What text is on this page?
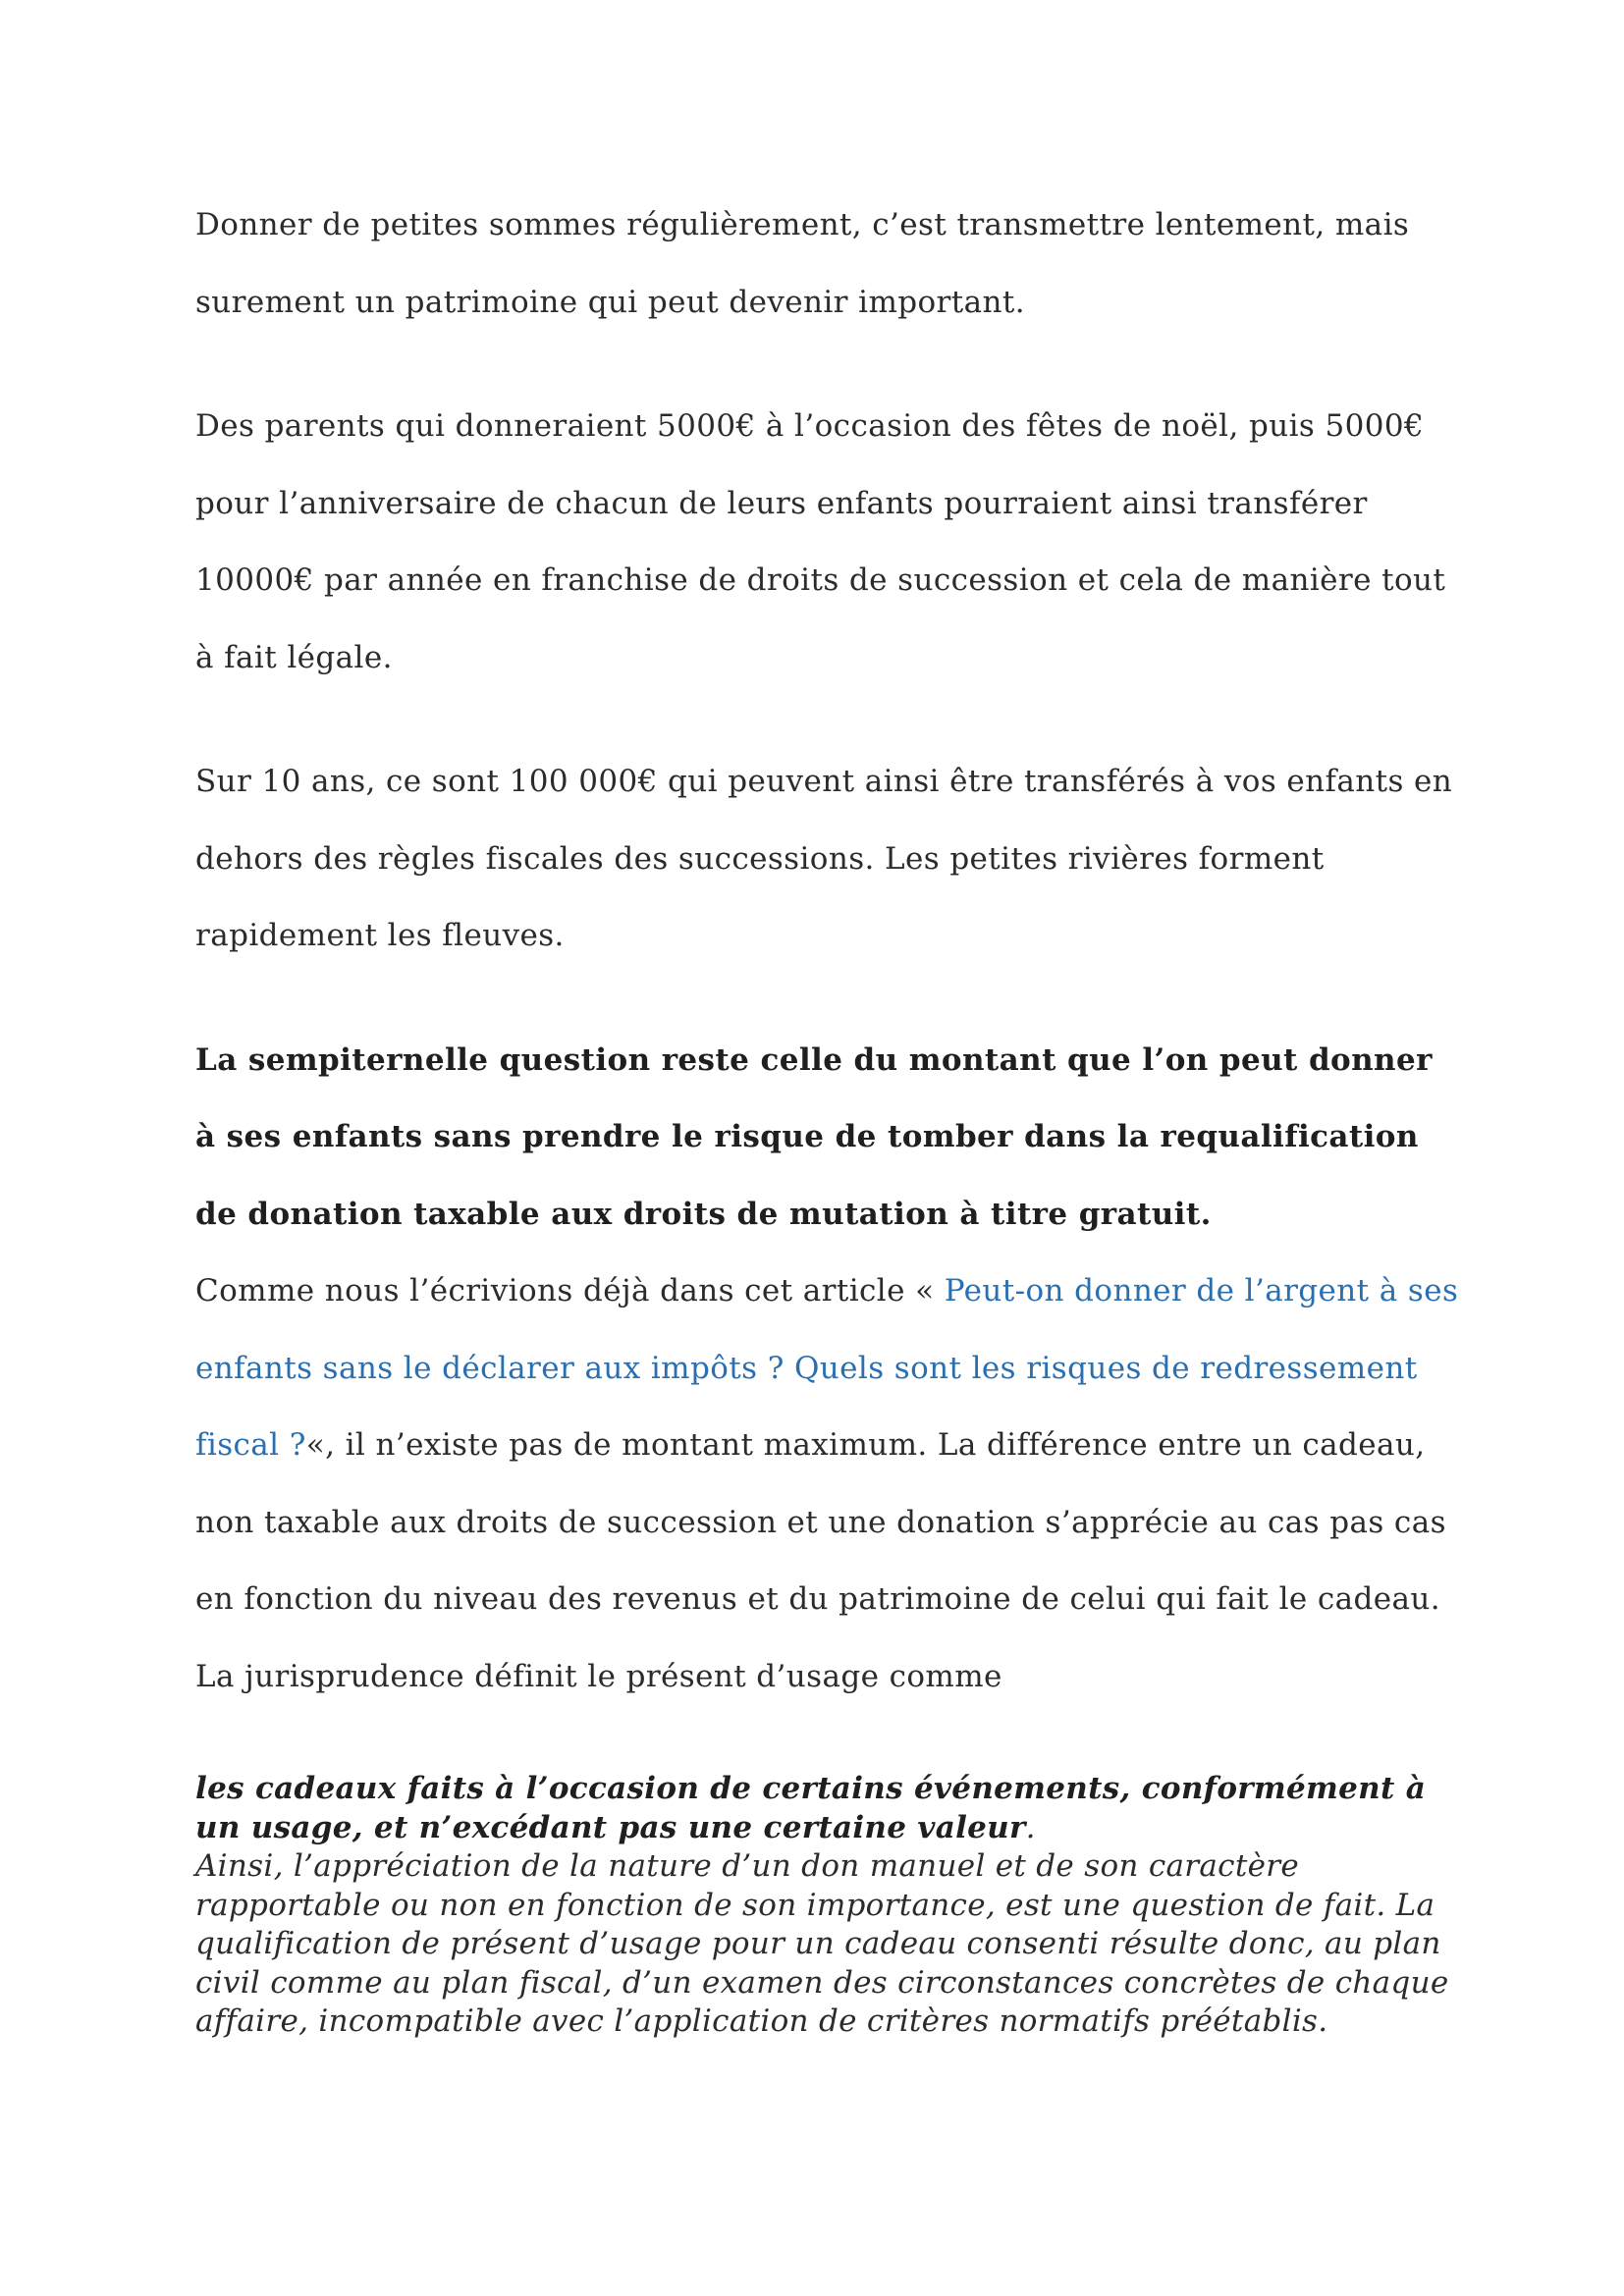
Donner de petites sommes régulièrement, c’est transmettre lentement, mais surement un patrimoine qui peut devenir important.

Des parents qui donneraient 5000€ à l’occasion des fêtes de noël, puis 5000€ pour l’anniversaire de chacun de leurs enfants pourraient ainsi transférer 10000€ par année en franchise de droits de succession et cela de manière tout à fait légale.

Sur 10 ans, ce sont 100 000€ qui peuvent ainsi être transférés à vos enfants en dehors des règles fiscales des successions. Les petites rivières forment rapidement les fleuves.

La sempiternelle question reste celle du montant que l’on peut donner à ses enfants sans prendre le risque de tomber dans la requalification de donation taxable aux droits de mutation à titre gratuit.

Comme nous l’écrivions déjà dans cet article « Peut-on donner de l’argent à ses enfants sans le déclarer aux impôts ? Quels sont les risques de redressement fiscal ?«, il n’existe pas de montant maximum. La différence entre un cadeau, non taxable aux droits de succession et une donation s’apprécie au cas pas cas en fonction du niveau des revenus et du patrimoine de celui qui fait le cadeau. La jurisprudence définit le présent d’usage comme

les cadeaux faits à l’occasion de certains événements, conformément à un usage, et n’excédant pas une certaine valeur.

Ainsi, l’appréciation de la nature d’un don manuel et de son caractère rapportable ou non en fonction de son importance, est une question de fait. La qualification de présent d’usage pour un cadeau consenti résulte donc, au plan civil comme au plan fiscal, d’un examen des circonstances concrètes de chaque affaire, incompatible avec l’application de critères normatifs préétablis.
